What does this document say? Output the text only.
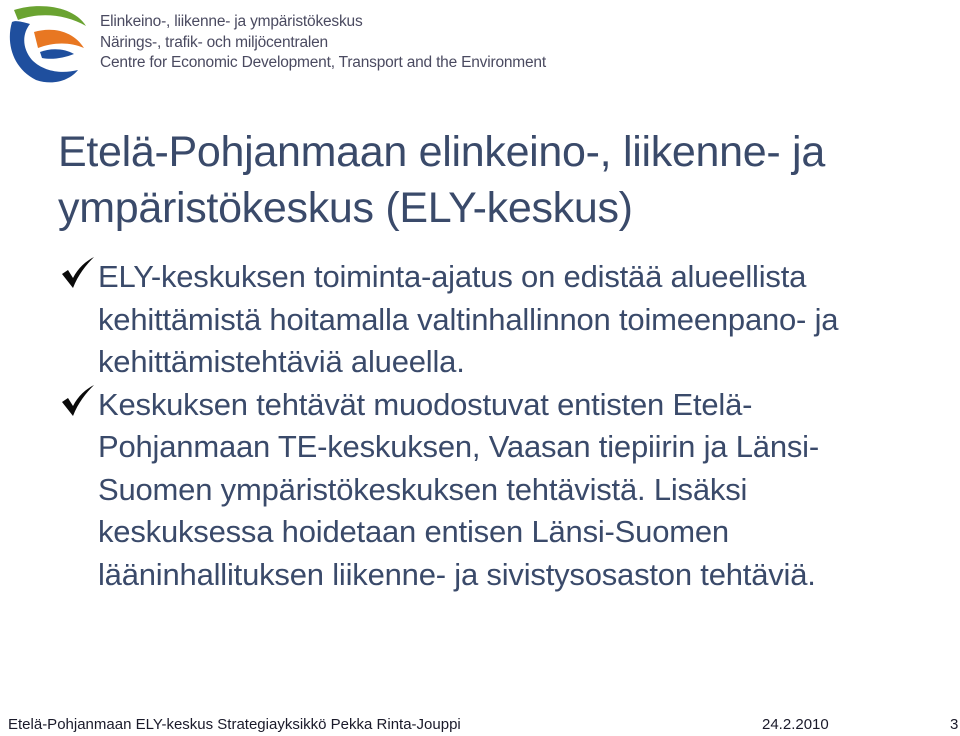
Elinkeino-, liikenne- ja ympäristökeskus
Närings-, trafik- och miljöcentralen
Centre for Economic Development, Transport and the Environment
Etelä-Pohjanmaan elinkeino-, liikenne- ja ympäristökeskus (ELY-keskus)
ELY-keskuksen toiminta-ajatus on edistää alueellista kehittämistä hoitamalla valtinhallinnon toimeenpano- ja kehittämistehtäviä alueella.
Keskuksen tehtävät muodostuvat entisten Etelä-Pohjanmaan TE-keskuksen, Vaasan tiepiirin ja Länsi-Suomen ympäristökeskuksen tehtävistä. Lisäksi keskuksessa hoidetaan entisen Länsi-Suomen lääninhallituksen liikenne- ja sivistysosaston tehtäviä.
Etelä-Pohjanmaan ELY-keskus Strategiayksikkö Pekka Rinta-Jouppi	24.2.2010	3
